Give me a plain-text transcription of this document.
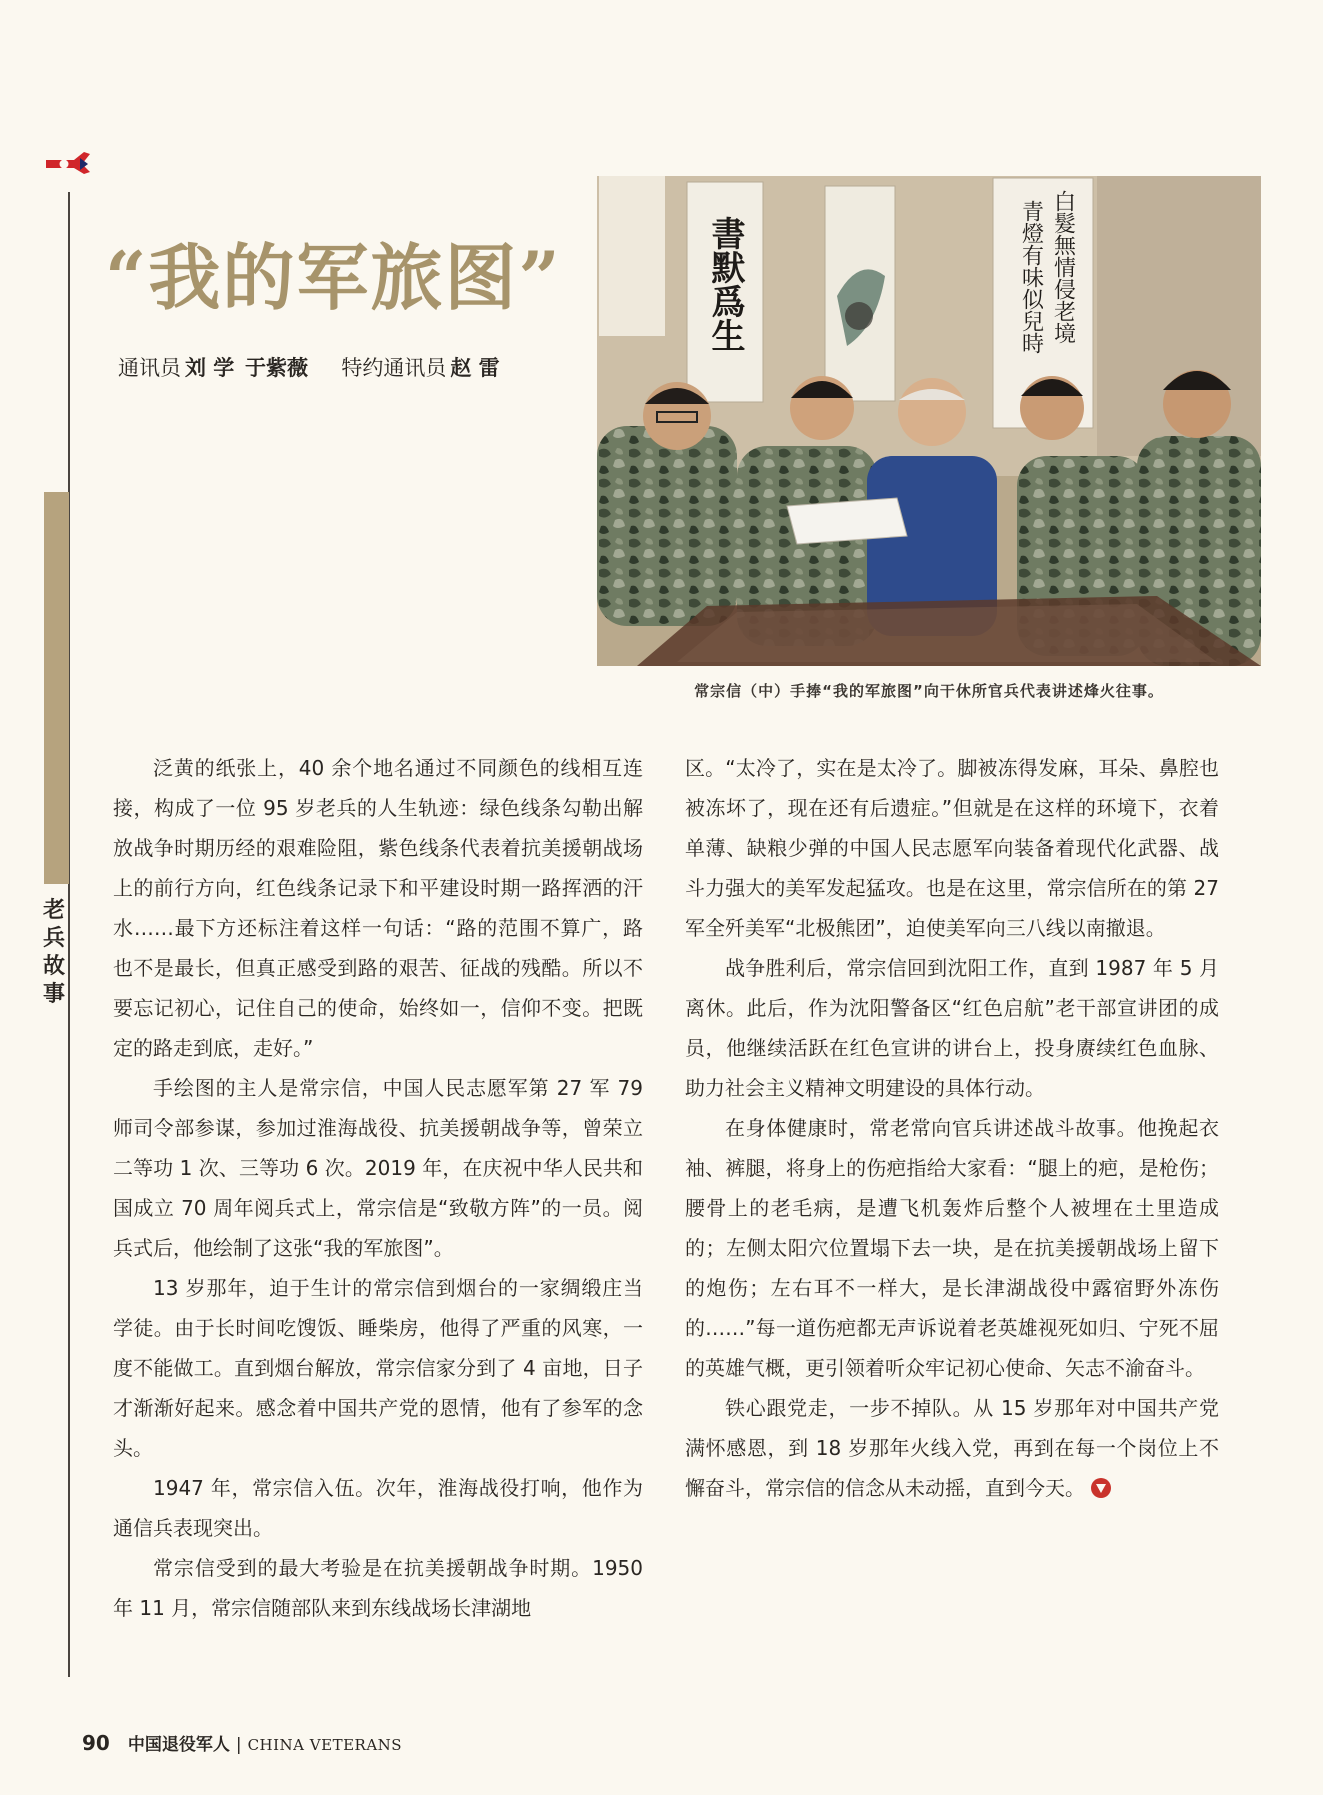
老兵故事
“我的军旅图”
通讯员 刘 学 于紫薇 特约通讯员 赵 雷
書默爲生	白髮無情侵老境
青燈有味似兒時
常宗信（中）手捧“我的军旅图”向干休所官兵代表讲述烽火往事。

泛黄的纸张上，40 余个地名通过不同颜色的线相互连接，构成了一位 95 岁老兵的人生轨迹：绿色线条勾勒出解放战争时期历经的艰难险阻，紫色线条代表着抗美援朝战场上的前行方向，红色线条记录下和平建设时期一路挥洒的汗水……最下方还标注着这样一句话：“路的范围不算广，路也不是最长，但真正感受到路的艰苦、征战的残酷。所以不要忘记初心，记住自己的使命，始终如一，信仰不变。把既定的路走到底，走好。”

手绘图的主人是常宗信，中国人民志愿军第 27 军 79 师司令部参谋，参加过淮海战役、抗美援朝战争等，曾荣立二等功 1 次、三等功 6 次。2019 年，在庆祝中华人民共和国成立 70 周年阅兵式上，常宗信是“致敬方阵”的一员。阅兵式后，他绘制了这张“我的军旅图”。

13 岁那年，迫于生计的常宗信到烟台的一家绸缎庄当学徒。由于长时间吃馊饭、睡柴房，他得了严重的风寒，一度不能做工。直到烟台解放，常宗信家分到了 4 亩地，日子才渐渐好起来。感念着中国共产党的恩情，他有了参军的念头。

1947 年，常宗信入伍。次年，淮海战役打响，他作为通信兵表现突出。

常宗信受到的最大考验是在抗美援朝战争时期。1950 年 11 月，常宗信随部队来到东线战场长津湖地

区。“太冷了，实在是太冷了。脚被冻得发麻，耳朵、鼻腔也被冻坏了，现在还有后遗症。”但就是在这样的环境下，衣着单薄、缺粮少弹的中国人民志愿军向装备着现代化武器、战斗力强大的美军发起猛攻。也是在这里，常宗信所在的第 27 军全歼美军“北极熊团”，迫使美军向三八线以南撤退。

战争胜利后，常宗信回到沈阳工作，直到 1987 年 5 月离休。此后，作为沈阳警备区“红色启航”老干部宣讲团的成员，他继续活跃在红色宣讲的讲台上，投身赓续红色血脉、助力社会主义精神文明建设的具体行动。

在身体健康时，常老常向官兵讲述战斗故事。他挽起衣袖、裤腿，将身上的伤疤指给大家看：“腿上的疤，是枪伤；腰骨上的老毛病，是遭飞机轰炸后整个人被埋在土里造成的；左侧太阳穴位置塌下去一块，是在抗美援朝战场上留下的炮伤；左右耳不一样大，是长津湖战役中露宿野外冻伤的……”每一道伤疤都无声诉说着老英雄视死如归、宁死不屈的英雄气概，更引领着听众牢记初心使命、矢志不渝奋斗。

铁心跟党走，一步不掉队。从 15 岁那年对中国共产党满怀感恩，到 18 岁那年火线入党，再到在每一个岗位上不懈奋斗，常宗信的信念从未动摇，直到今天。

90 中国退役军人 | CHINA VETERANS
